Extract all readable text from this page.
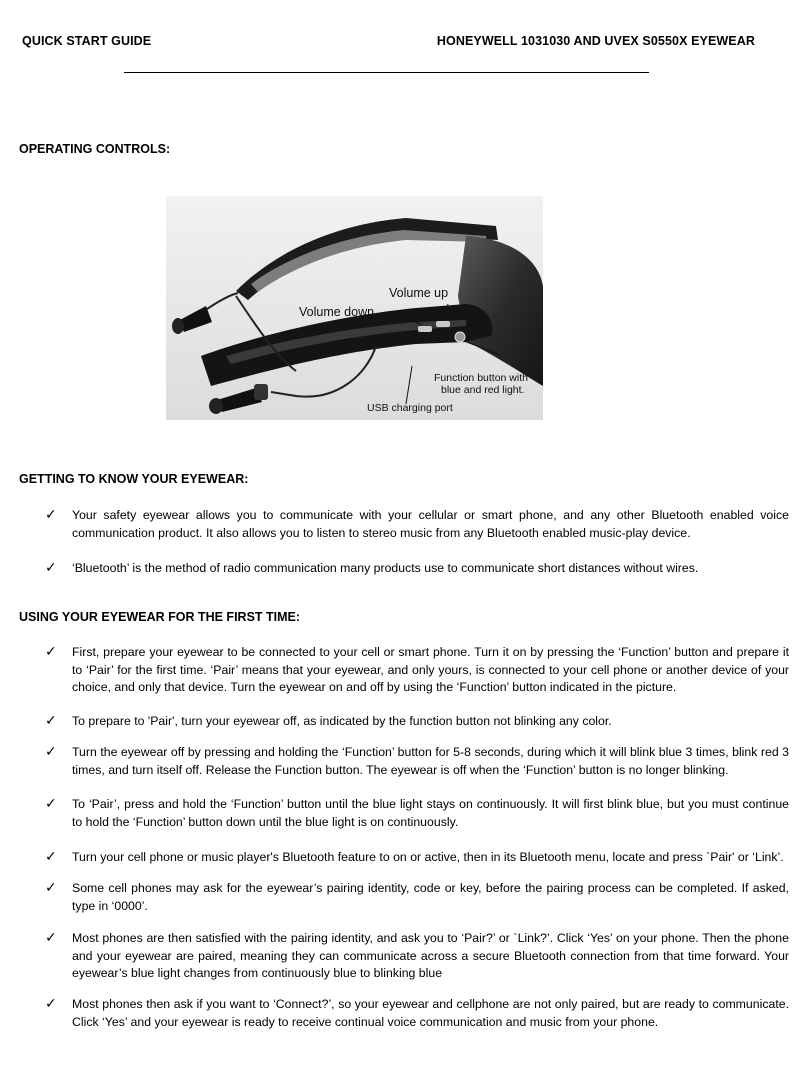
QUICK START GUIDE	HONEYWELL 1031030 AND UVEX S0550X EYEWEAR
OPERATING CONTROLS:
Volume up
Volume down
Function button with
blue and red light.
USB charging port
GETTING TO KNOW YOUR EYEWEAR:
✓ Your safety eyewear allows you to communicate with your cellular or smart phone, and any other Bluetooth enabled voice communication product. It also allows you to listen to stereo music from any Bluetooth enabled music-play device.

✓ ‘Bluetooth’ is the method of radio communication many products use to communicate short distances without wires.

USING YOUR EYEWEAR FOR THE FIRST TIME:
✓ First, prepare your eyewear to be connected to your cell or smart phone. Turn it on by pressing the ‘Function’ button and prepare it to ‘Pair’ for the first time. ‘Pair’ means that your eyewear, and only yours, is connected to your cell phone or another device of your choice, and only that device. Turn the eyewear on and off by using the ‘Function’ button indicated in the picture.

✓ To prepare to 'Pair', turn your eyewear off, as indicated by the function button not blinking any color.

✓ Turn the eyewear off by pressing and holding the ‘Function’ button for 5-8 seconds, during which it will blink blue 3 times, blink red 3 times, and turn itself off. Release the Function button. The eyewear is off when the ‘Function’ button is no longer blinking.

✓ To ‘Pair’, press and hold the ‘Function’ button until the blue light stays on continuously. It will first blink blue, but you must continue to hold the ‘Function’ button down until the blue light is on continuously.

✓ Turn your cell phone or music player's Bluetooth feature to on or active, then in its Bluetooth menu, locate and press `Pair' or ‘Link’.

✓ Some cell phones may ask for the eyewear’s pairing identity, code or key, before the pairing process can be completed. If asked, type in ‘0000’.

✓ Most phones are then satisfied with the pairing identity, and ask you to ‘Pair?’ or `Link?’. Click ‘Yes’ on your phone. Then the phone and your eyewear are paired, meaning they can communicate across a secure Bluetooth connection from that time forward. Your eyewear’s blue light changes from continuously blue to blinking blue

✓ Most phones then ask if you want to ‘Connect?’, so your eyewear and cellphone are not only paired, but are ready to communicate. Click ‘Yes’ and your eyewear is ready to receive continual voice communication and music from your phone.
